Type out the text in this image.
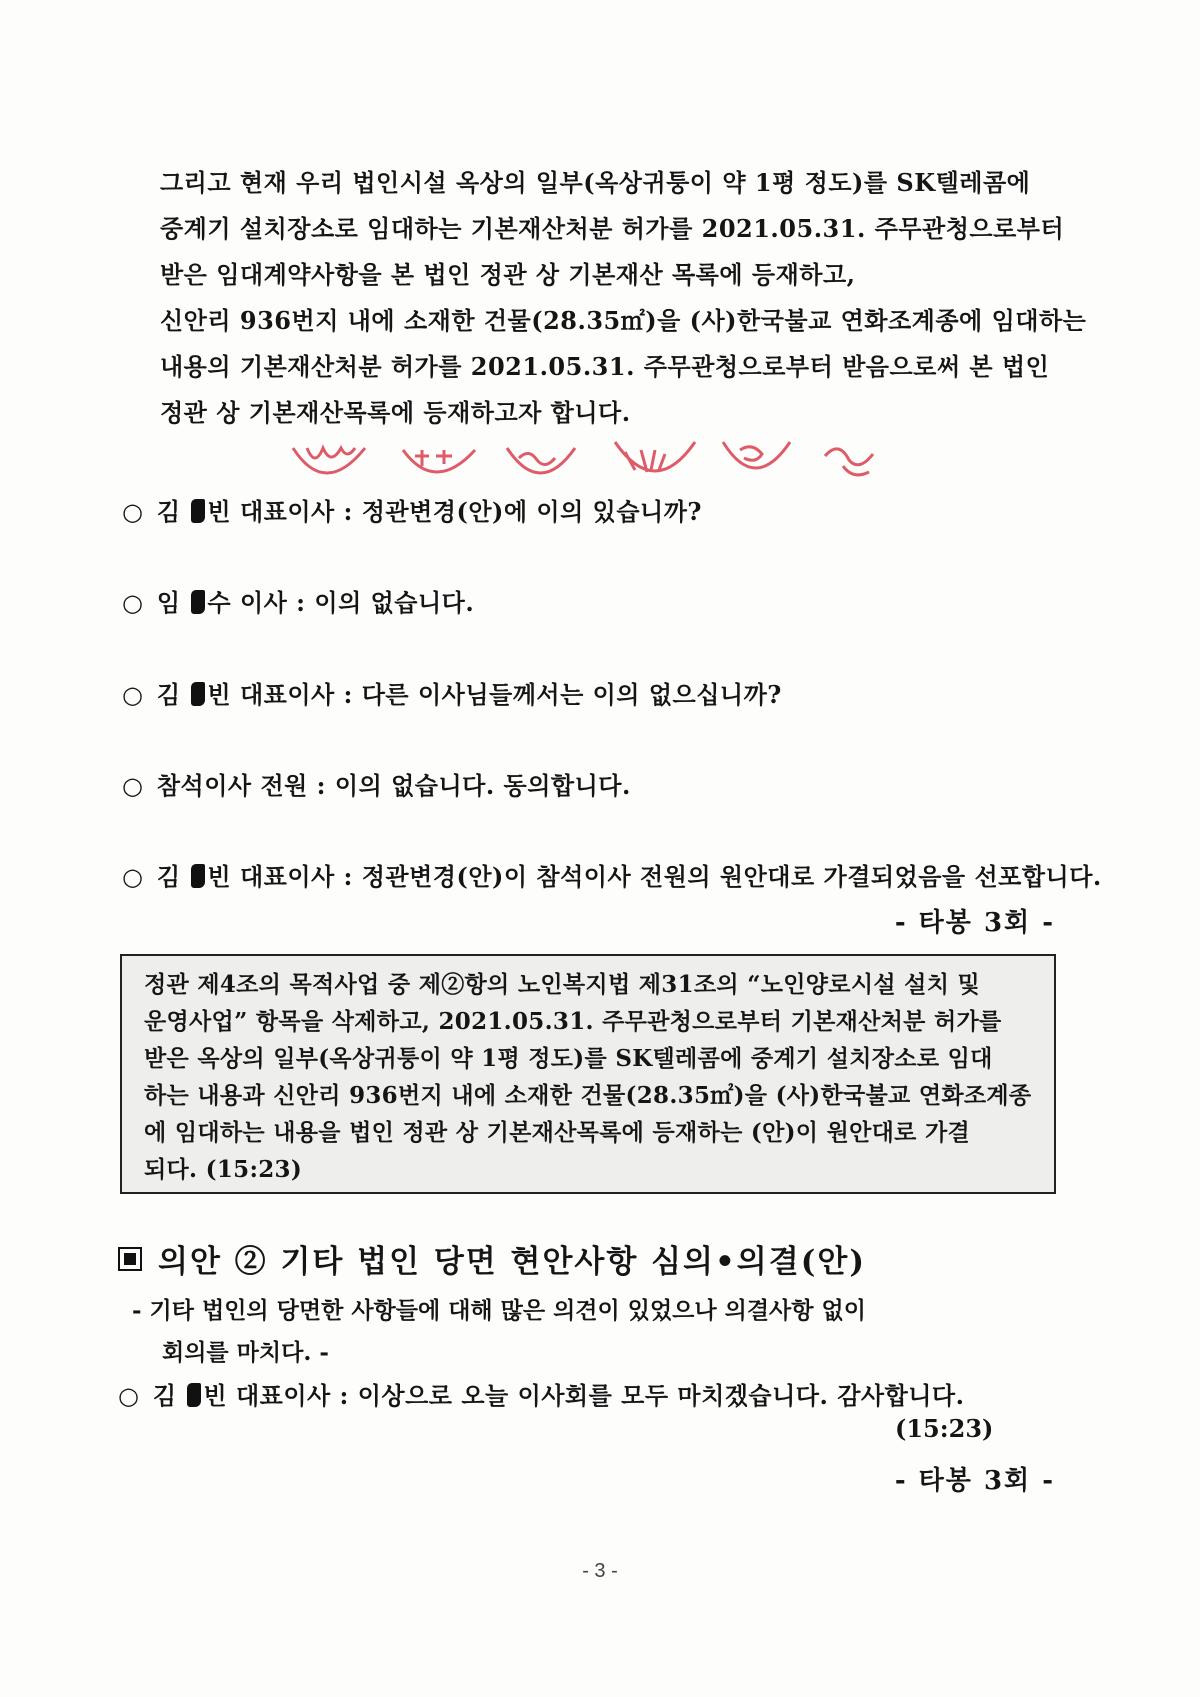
그리고 현재 우리 법인시설 옥상의 일부(옥상귀퉁이 약 1평 정도)를 SK텔레콤에
중계기 설치장소로 임대하는 기본재산처분 허가를 2021.05.31. 주무관청으로부터
받은 임대계약사항을 본 법인 정관 상 기본재산 목록에 등재하고,
신안리 936번지 내에 소재한 건물(28.35㎡)을 (사)한국불교 연화조계종에 임대하는
내용의 기본재산처분 허가를 2021.05.31. 주무관청으로부터 받음으로써 본 법인
정관 상 기본재산목록에 등재하고자 합니다.
○ 김 빈 대표이사 : 정관변경(안)에 이의 있습니까?
○ 임 수 이사 : 이의 없습니다.
○ 김 빈 대표이사 : 다른 이사님들께서는 이의 없으십니까?
○ 참석이사 전원 : 이의 없습니다. 동의합니다.
○ 김 빈 대표이사 : 정관변경(안)이 참석이사 전원의 원안대로 가결되었음을 선포합니다.
- 타봉 3회 -
정관 제4조의 목적사업 중 제②항의 노인복지법 제31조의 “노인양로시설 설치 및
운영사업” 항목을 삭제하고, 2021.05.31. 주무관청으로부터 기본재산처분 허가를
받은 옥상의 일부(옥상귀퉁이 약 1평 정도)를 SK텔레콤에 중계기 설치장소로 임대
하는 내용과 신안리 936번지 내에 소재한 건물(28.35㎡)을 (사)한국불교 연화조계종
에 임대하는 내용을 법인 정관 상 기본재산목록에 등재하는 (안)이 원안대로 가결
되다. (15:23)
의안 ② 기타 법인 당면 현안사항 심의•의결(안)
- 기타 법인의 당면한 사항들에 대해 많은 의견이 있었으나 의결사항 없이
회의를 마치다. -
○ 김 빈 대표이사 : 이상으로 오늘 이사회를 모두 마치겠습니다. 감사합니다.
(15:23)
- 타봉 3회 -
- 3 -
